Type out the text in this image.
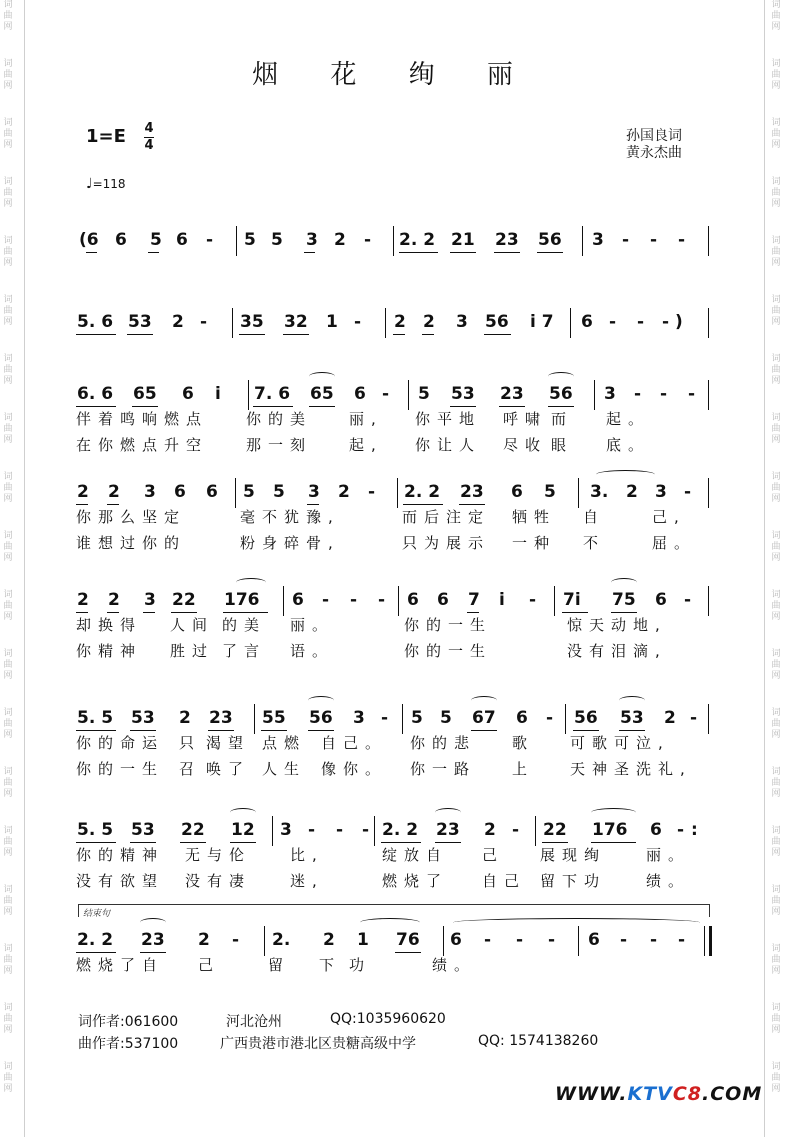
词曲网
词曲网
词曲网
词曲网
词曲网
词曲网
词曲网
词曲网
词曲网
词曲网
词曲网
词曲网
词曲网
词曲网
词曲网
词曲网
词曲网
词曲网
词曲网
词曲网
词曲网
词曲网
词曲网
词曲网
词曲网
词曲网
词曲网
词曲网
词曲网
词曲网
词曲网
词曲网
词曲网
词曲网
词曲网
词曲网
词曲网
词曲网
烟 花 绚 丽
1=E 4
4
孙国良词
黄永杰曲
♩=118
结束句
(6 6 5 6 - 5 5 3 2 - 2. 2 21 23 56 3 - - -
5. 6 53 2 - 35 32 1 - 2 2 3 56 i 7 6 - - - )
6. 6 65 6 i 7. 6 65 6 - 5 53 23 56 3 - - -
伴着鸣响燃点	你的美 丽, 你平地 呼啸 而 起。
在你燃点升空	那一刻 起, 你让人 尽收 眼 底。
2 2 3 6 6 5 5 3 2 - 2. 2 23 6 5 3. 2 3 -
你那么坚定	毫不犹豫,	而后注定 牺牲 自	己,
谁想过你的	粉身碎骨,	只为展示 一种 不	屈。
2 2 3 22 176 6 - - - 6 6 7 i - 7i 75 6 -
却换得 人间 的美 丽。	你的一生	惊天动地,
你精神 胜过 了言 语。	你的一生	没有泪滴,
5. 5 53 2 23 55 56 3 - 5 5 67 6 - 56 53 2 -
你的命运 只 渴望 点燃 自己。 你的悲 歌 可歌可泣,
你的一生 召 唤了 人生 像你。 你一路 上 天神圣洗礼,
5. 5 53 22 12 3 - - - 2. 2 23 2 - 22 176 6 - :
你的精神 无与伦	比,	绽放自 己 展现绚	丽。
没有欲望 没有凄	迷,	燃烧了 自己 留下功	绩。
2. 2 23 2 - 2. 2 1 76 6 - - - 6 - - -
燃烧了自 己	留 下 功	绩。
词作者:061600	河北沧州	QQ:1035960620
曲作者:537100	广西贵港市港北区贵糖高级中学	QQ: 1574138260
WWW.KTVC8.COM
